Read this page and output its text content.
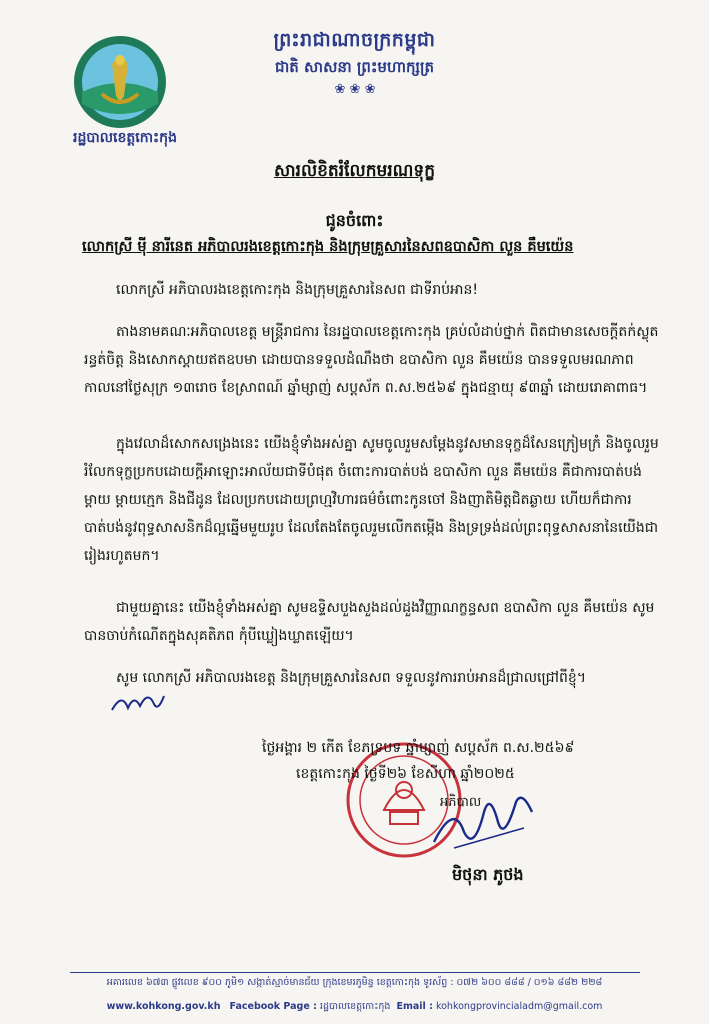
រដ្ឋបាលខេត្តកោះកុង
ព្រះរាជាណាចក្រកម្ពុជា
ជាតិ សាសនា ព្រះមហាក្សត្រ
❀ ❀ ❀
សារលិខិតរំលែកមរណទុក្ខ
ជូនចំពោះ
លោកស្រី ម៉ី នារីនេត អភិបាលរងខេត្តកោះកុង និងក្រុមគ្រួសារនៃសពឧបាសិកា លួន គឹមយ៉េន
លោកស្រី អភិបាលរងខេត្តកោះកុង និងក្រុមគ្រួសារនៃសព ជាទីរាប់អាន!
តាងនាមគណៈអភិបាលខេត្ត មន្ត្រីរាជការ នៃរដ្ឋបាលខេត្តកោះកុង គ្រប់លំដាប់ថ្នាក់ ពិតជាមានសេចក្ដីតក់ស្លុតរន្ធត់ចិត្ត និងសោកស្ដាយឥតឧបមា ដោយបានទទួលដំណឹងថា ឧបាសិកា លួន គឹមយ៉េន បានទទួលមរណភាព កាលនៅថ្ងៃសុក្រ ១៣រោច ខែស្រាពណ៍ ឆ្នាំម្សាញ់ សប្តស័ក ព.ស.២៥៦៩ ក្នុងជន្មាយុ ៩៣ឆ្នាំ ដោយរោគាពាធ។
ក្នុងវេលាដ៏សោកសង្រេងនេះ យើងខ្ញុំទាំងអស់គ្នា សូមចូលរួមសម្ដែងនូវសមានទុក្ខដ៏សែនក្រៀមក្រំ និងចូលរួមរំលែកទុក្ខប្រកបដោយក្ដីអាឡោះអាល័យជាទីបំផុត ចំពោះការបាត់បង់ ឧបាសិកា លួន គឹមយ៉េន គឺជាការបាត់បង់ម្ដាយ ម្ដាយក្មេក និងជីដូន ដែលប្រកបដោយព្រហ្មវិហារធម៌ចំពោះកូនចៅ និងញាតិមិត្តជិតឆ្ងាយ ហើយក៏ជាការបាត់បង់នូវពុទ្ធសាសនិកដ៏ល្អឆ្នើមមួយរូប ដែលតែងតែចូលរួមលើកតម្កើង និងទ្រទ្រង់ដល់ព្រះពុទ្ធសាសនានៃយើងជារៀងរហូតមក។
ជាមួយគ្នានេះ យើងខ្ញុំទាំងអស់គ្នា សូមឧទ្ទិសបួងសួងដល់ដួងវិញ្ញាណក្ខន្ធសព ឧបាសិកា លួន គឹមយ៉េន សូមបានចាប់កំណើតក្នុងសុគតិភព កុំបីឃ្លៀងឃ្លាតឡើយ។
សូម លោកស្រី អភិបាលរងខេត្ត និងក្រុមគ្រួសារនៃសព ទទួលនូវការរាប់អានដ៏ជ្រាលជ្រៅពីខ្ញុំ។
ថ្ងៃអង្គារ ២ កើត ខែភទ្របទ ឆ្នាំម្សាញ់ សប្តស័ក ព.ស.២៥៦៩
ខេត្តកោះកុង ថ្ងៃទី២៦ ខែសីហា ឆ្នាំ២០២៥
អភិបាល
មិថុនា ភូថង
អគារលេខ ៦៧៣ ផ្លូវលេខ ៩០០ ភូមិ១ សង្កាត់ស្មាច់មានជ័យ ក្រុងខេមរភូមិន្ទ ខេត្តកោះកុង ទូរស័ព្ទ : ០៧២ ៦០០ ៨៨៨ / ០១៦ ៨៨២ ២២៨
www.kohkong.gov.kh Facebook Page : រដ្ឋបាលខេត្តកោះកុង Email : kohkongprovincialadm@gmail.com
